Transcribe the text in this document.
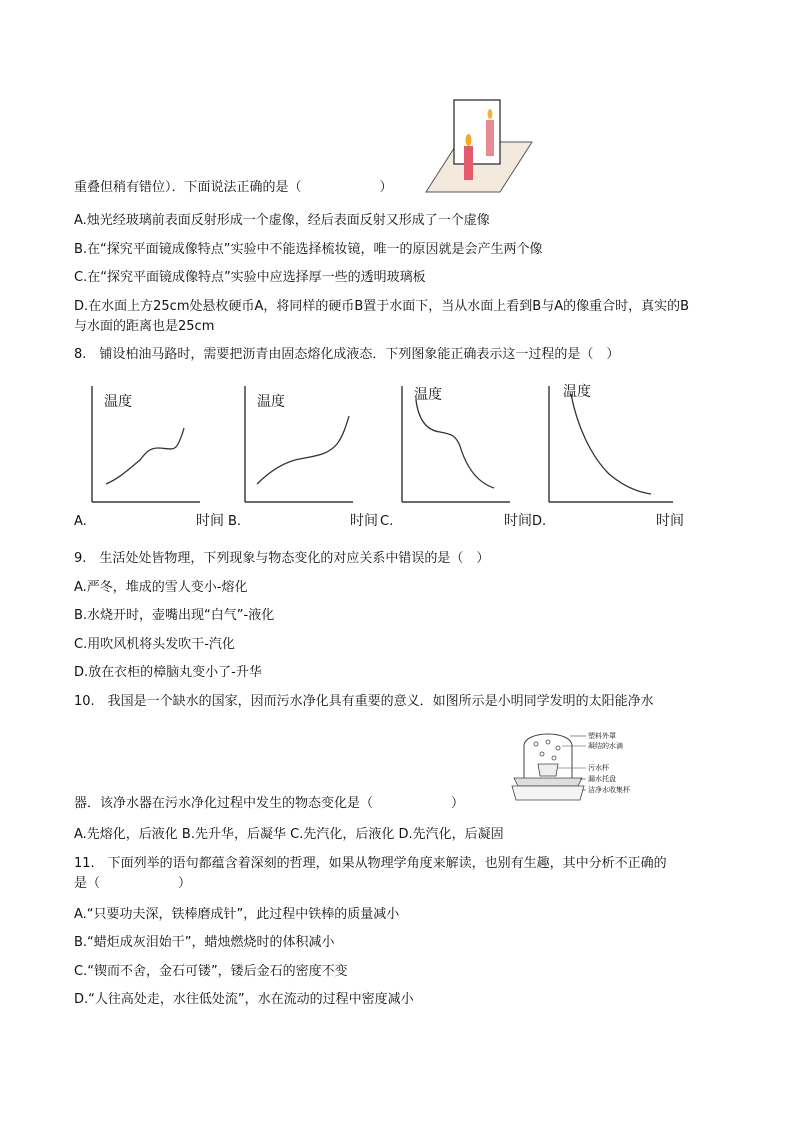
重叠但稍有错位）．下面说法正确的是（　　　　　　）
A.烛光经玻璃前表面反射形成一个虚像，经后表面反射又形成了一个虚像
B.在“探究平面镜成像特点”实验中不能选择梳妆镜，唯一的原因就是会产生两个像
C.在“探究平面镜成像特点”实验中应选择厚一些的透明玻璃板
D.在水面上方25cm处悬枚硬币A，将同样的硬币B置于水面下，当从水面上看到B与A的像重合时，真实的B
与水面的距离也是25cm
8.　铺设柏油马路时，需要把沥青由固态熔化成液态．下列图象能正确表示这一过程的是（　）
温度
A.	时间
温度
B.	时间
温度
C.	时间
温度
D.	时间
9.　生活处处皆物理，下列现象与物态变化的对应关系中错误的是（　）
A.严冬，堆成的雪人变小-熔化
B.水烧开时，壶嘴出现“白气”-液化
C.用吹风机将头发吹干-汽化
D.放在衣柜的樟脑丸变小了-升华
10.　我国是一个缺水的国家，因而污水净化具有重要的意义．如图所示是小明同学发明的太阳能净水
塑料外罩
凝结的水滴
污水杯
漏水托盘
洁净水收集杯
器．该净水器在污水净化过程中发生的物态变化是（　　　　　　）
A.先熔化，后液化 B.先升华，后凝华 C.先汽化，后液化 D.先汽化，后凝固
11.　下面列举的语句都蕴含着深刻的哲理，如果从物理学角度来解读，也别有生趣，其中分析不正确的
是（　　　　　　）
A.“只要功夫深，铁棒磨成针”，此过程中铁棒的质量减小
B.“蜡炬成灰泪始干”，蜡烛燃烧时的体积减小
C.“锲而不舍，金石可镂”，镂后金石的密度不变
D.“人往高处走，水往低处流”，水在流动的过程中密度减小
